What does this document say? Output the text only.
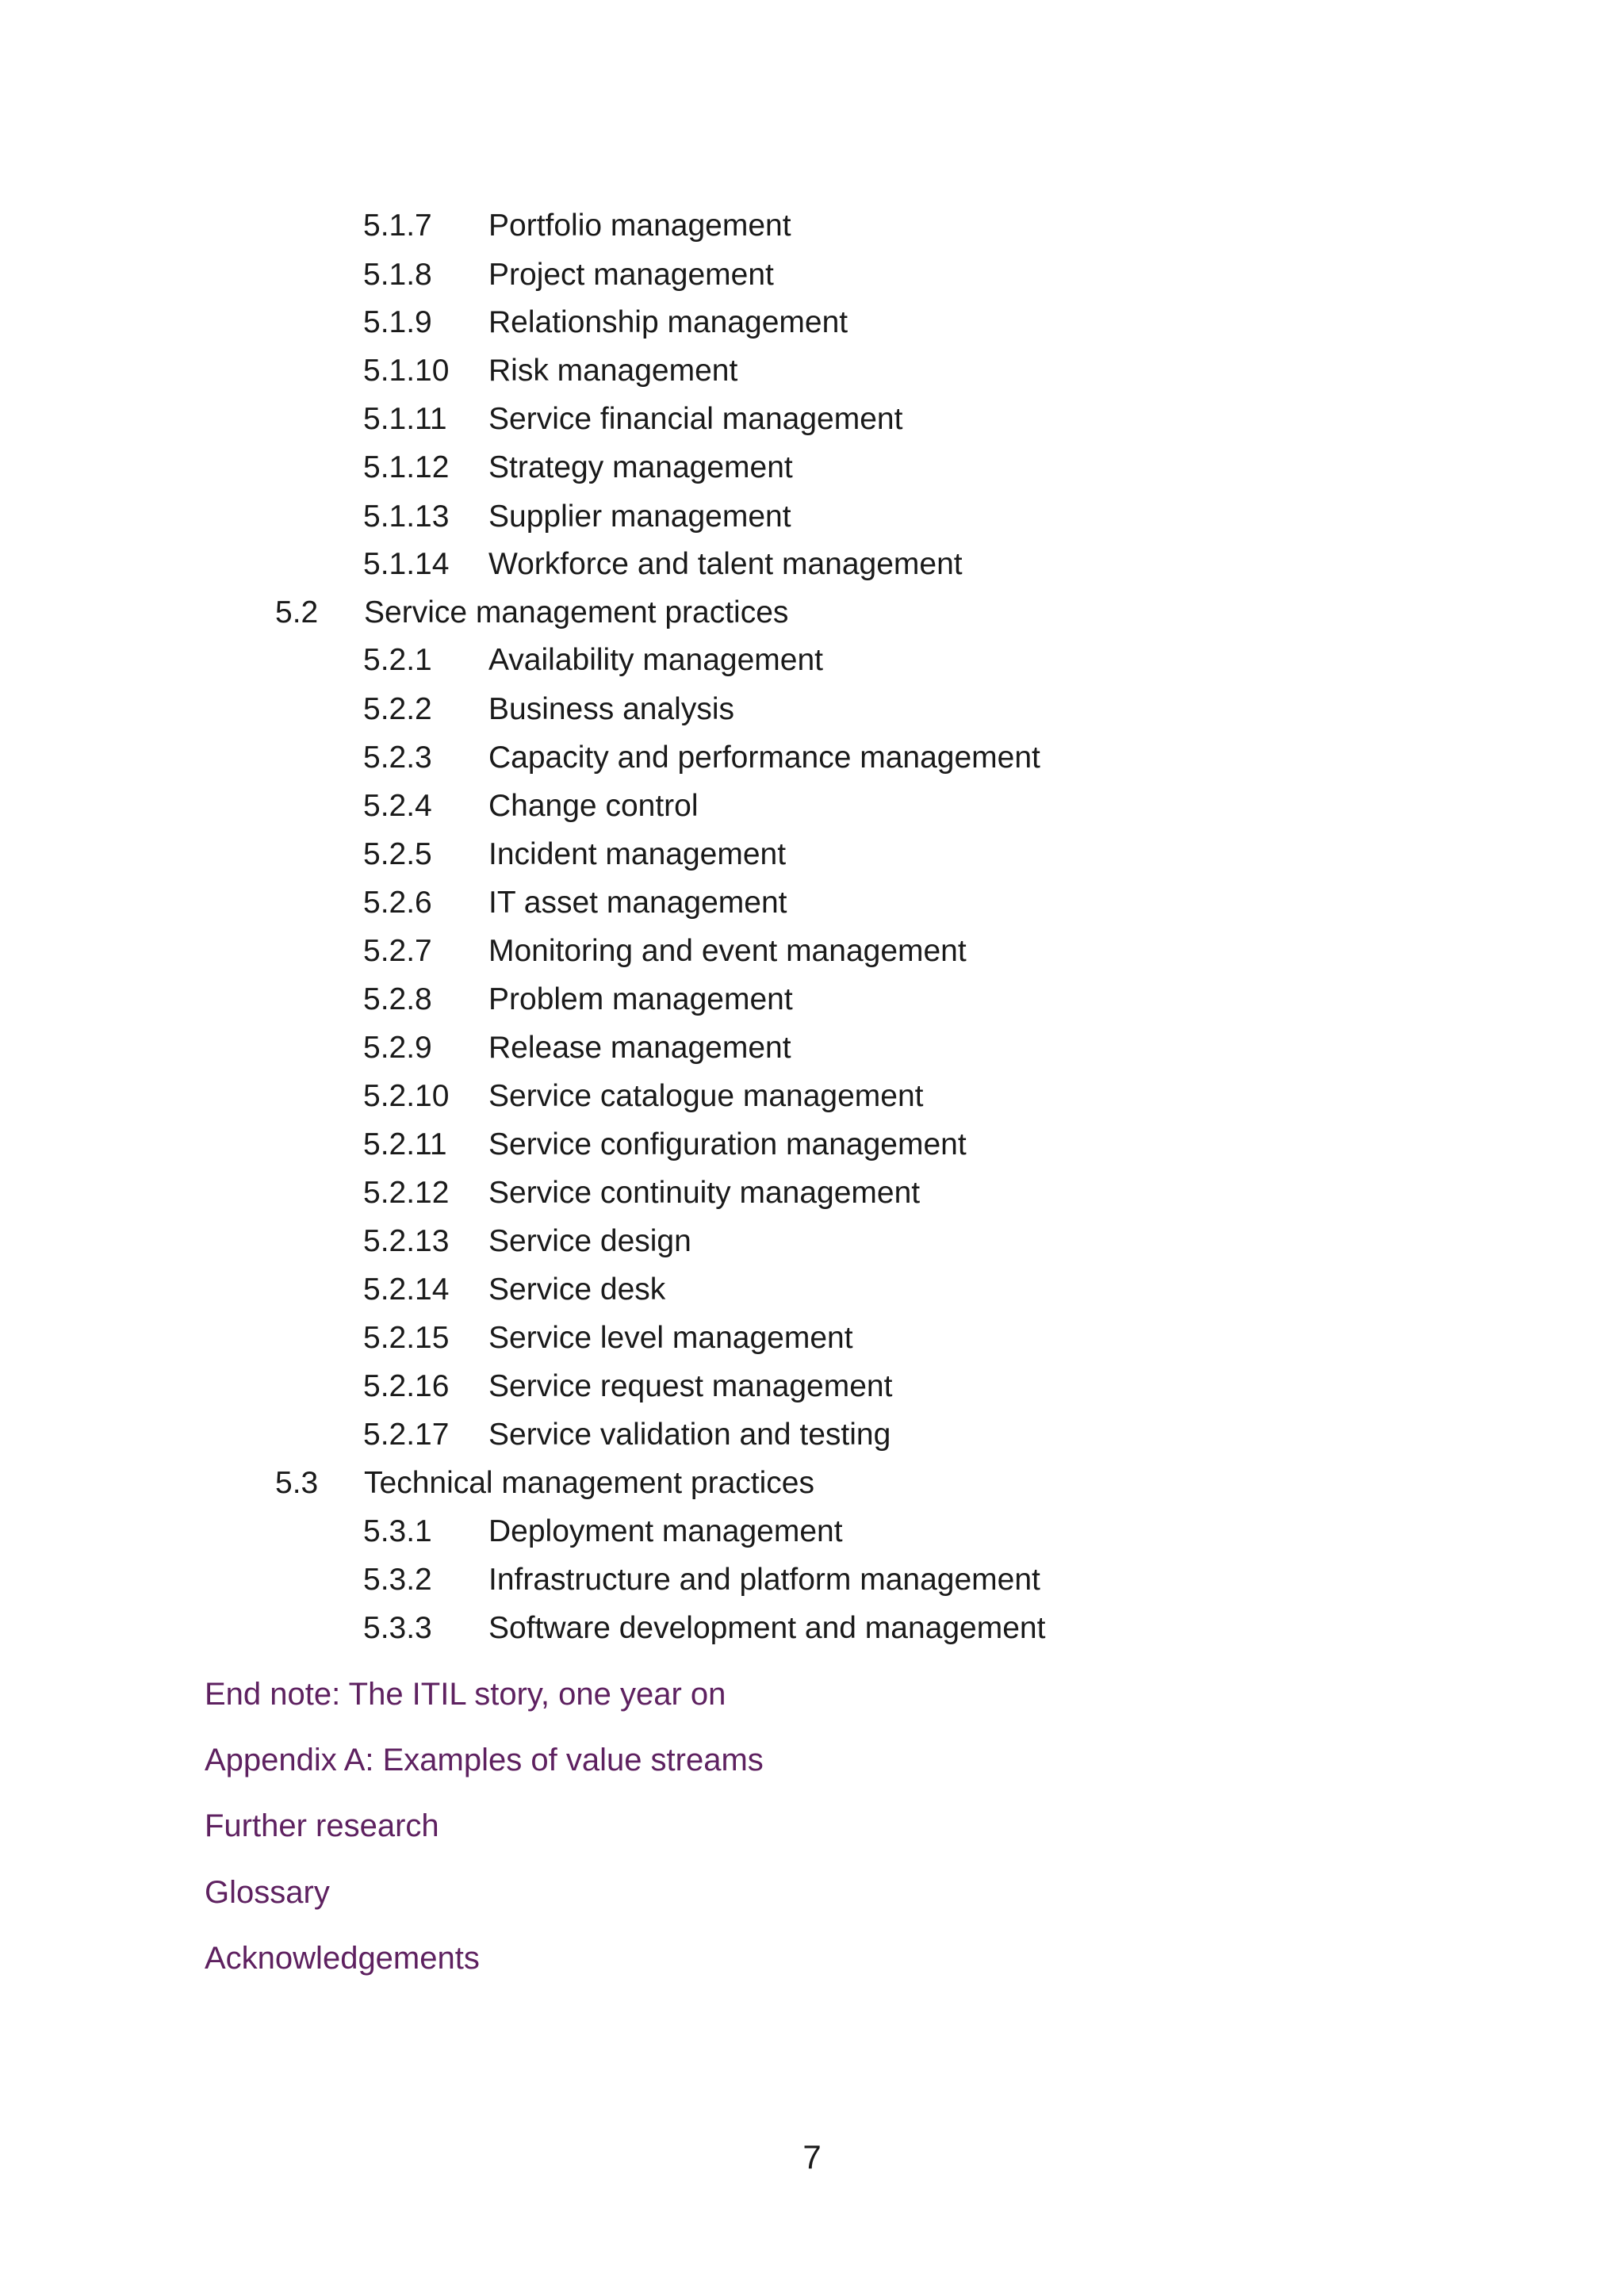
5.1.7 Portfolio management
5.1.8 Project management
5.1.9 Relationship management
5.1.10 Risk management
5.1.11 Service financial management
5.1.12 Strategy management
5.1.13 Supplier management
5.1.14 Workforce and talent management
5.2 Service management practices
5.2.1 Availability management
5.2.2 Business analysis
5.2.3 Capacity and performance management
5.2.4 Change control
5.2.5 Incident management
5.2.6 IT asset management
5.2.7 Monitoring and event management
5.2.8 Problem management
5.2.9 Release management
5.2.10 Service catalogue management
5.2.11 Service configuration management
5.2.12 Service continuity management
5.2.13 Service design
5.2.14 Service desk
5.2.15 Service level management
5.2.16 Service request management
5.2.17 Service validation and testing
5.3 Technical management practices
5.3.1 Deployment management
5.3.2 Infrastructure and platform management
5.3.3 Software development and management
End note: The ITIL story, one year on
Appendix A: Examples of value streams
Further research
Glossary
Acknowledgements
7
